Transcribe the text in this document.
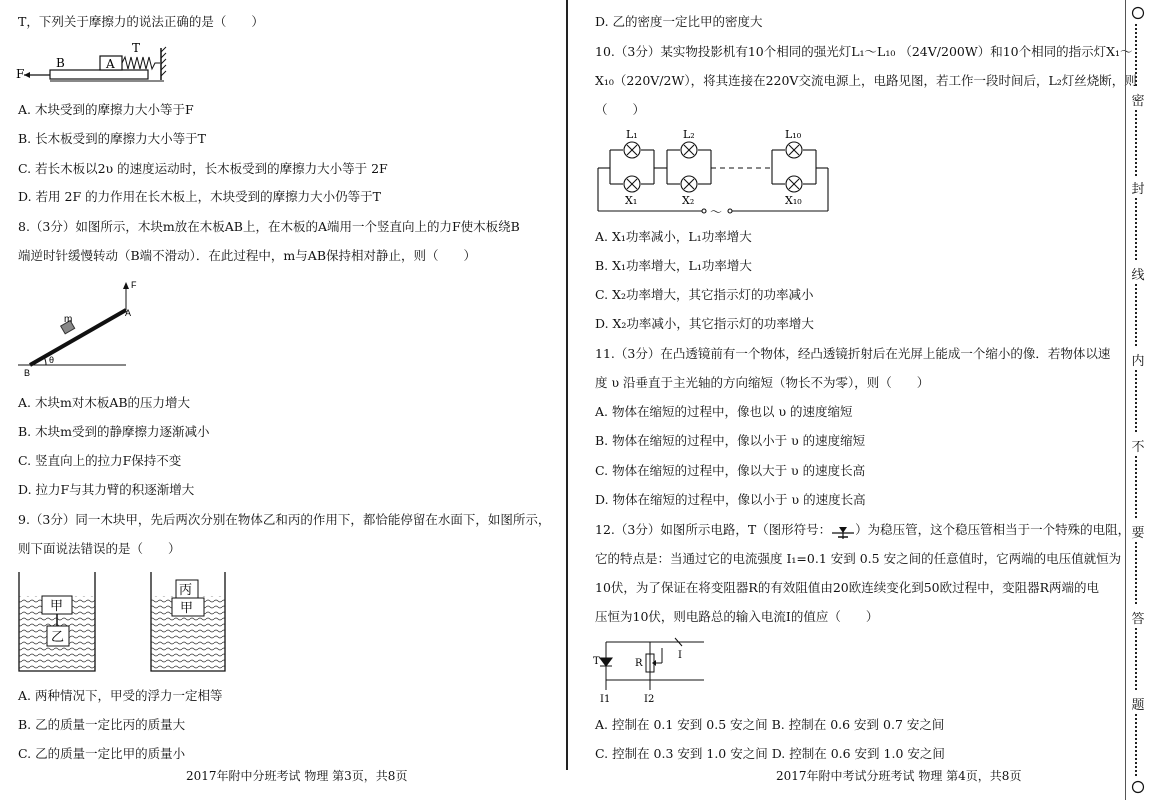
T，下列关于摩擦力的说法正确的是（　　）
F
B	A
T
A. 木块受到的摩擦力大小等于F
B. 长木板受到的摩擦力大小等于T
C. 若长木板以2υ 的速度运动时，长木板受到的摩擦力大小等于 2F
D. 若用 2F 的力作用在长木板上，木块受到的摩擦力大小仍等于T
8.（3分）如图所示，木块m放在木板AB上，在木板的A端用一个竖直向上的力F使木板绕B
端逆时针缓慢转动（B端不滑动）．在此过程中，m与AB保持相对静止，则（　　）
F
m
A
B
θ
A. 木块m对木板AB的压力增大
B. 木块m受到的静摩擦力逐渐减小
C. 竖直向上的拉力F保持不变
D. 拉力F与其力臂的积逐渐增大
9.（3分）同一木块甲，先后两次分别在物体乙和丙的作用下，都恰能停留在水面下，如图所示，
则下面说法错误的是（　　）
甲
乙
丙
甲
A. 两种情况下，甲受的浮力一定相等
B. 乙的质量一定比丙的质量大
C. 乙的质量一定比甲的质量小
2017年附中分班考试 物理 第3页，共8页
D. 乙的密度一定比甲的密度大
10.（3分）某实物投影机有10个相同的强光灯L₁～L₁₀ （24V/200W）和10个相同的指示灯X₁～
X₁₀（220V/2W），将其连接在220V交流电源上，电路见图，若工作一段时间后，L₂灯丝烧断，则
（　　）
L₁	L₂	L₁₀
X₁	X₂	X₁₀
～
A. X₁功率减小，L₁功率增大
B. X₁功率增大，L₁功率增大
C. X₂功率增大，其它指示灯的功率减小
D. X₂功率减小，其它指示灯的功率增大
11.（3分）在凸透镜前有一个物体，经凸透镜折射后在光屏上能成一个缩小的像．若物体以速
度 υ 沿垂直于主光轴的方向缩短（物长不为零），则（　　）
A. 物体在缩短的过程中，像也以 υ 的速度缩短
B. 物体在缩短的过程中，像以小于 υ 的速度缩短
C. 物体在缩短的过程中，像以大于 υ 的速度长高
D. 物体在缩短的过程中，像以小于 υ 的速度长高
12.（3分）如图所示电路，T（图形符号： ）为稳压管，这个稳压管相当于一个特殊的电阻，
它的特点是：当通过它的电流强度 I₁=0.1 安到 0.5 安之间的任意值时，它两端的电压值就恒为
10伏，为了保证在将变阻器R的有效阻值由20欧连续变化到50欧过程中，变阻器R两端的电
压恒为10伏，则电路总的输入电流I的值应（　　）
T	R
I
I1	I2
A. 控制在 0.1 安到 0.5 安之间 B. 控制在 0.6 安到 0.7 安之间
C. 控制在 0.3 安到 1.0 安之间 D. 控制在 0.6 安到 1.0 安之间
2017年附中考试分班考试 物理 第4页，共8页
密
封
线
内
不
要
答
题
